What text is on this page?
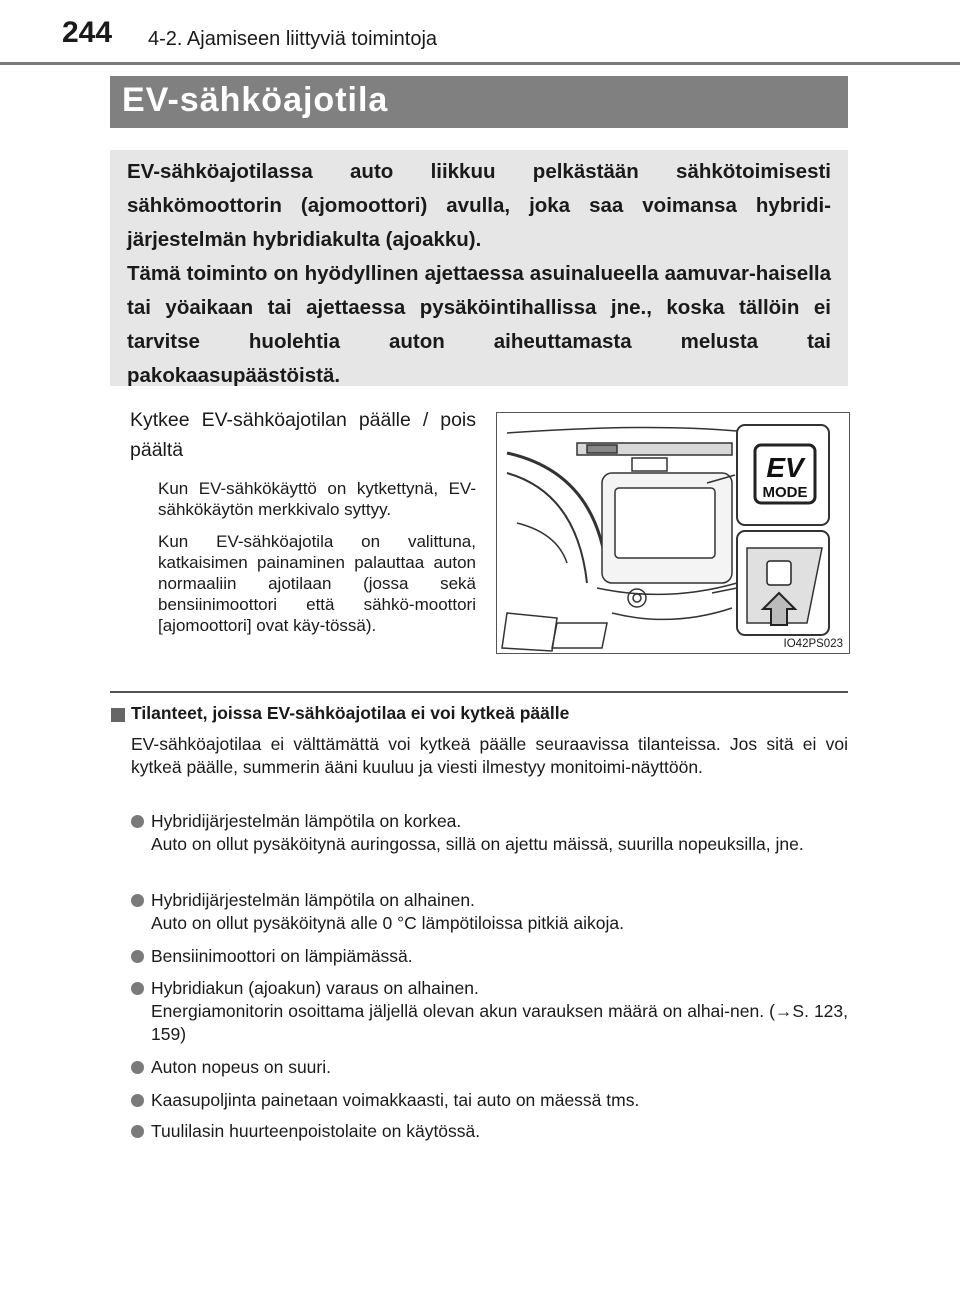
244 4-2. Ajamiseen liittyviä toimintoja
EV-sähköajotila
EV-sähköajotilassa auto liikkuu pelkästään sähkötoimisesti sähkömoottorin (ajomoottori) avulla, joka saa voimansa hybridi-järjestelmän hybridiakulta (ajoakku).
Tämä toiminto on hyödyllinen ajettaessa asuinalueella aamuvar-haisella tai yöaikaan tai ajettaessa pysäköintihallissa jne., koska tällöin ei tarvitse huolehtia auton aiheuttamasta melusta tai pakokaasupäästöistä.
Kytkee EV-sähköajotilan päälle / pois päältä
Kun EV-sähkökäyttö on kytkettynä, EV-sähkökäytön merkkivalo syttyy.
Kun EV-sähköajotila on valittuna, katkaisimen painaminen palauttaa auton normaaliin ajotilaan (jossa sekä bensiinimoottori että sähkö-moottori [ajomoottori] ovat käy-tössä).
EV
MODE
IO42PS023
Tilanteet, joissa EV-sähköajotilaa ei voi kytkeä päälle
EV-sähköajotilaa ei välttämättä voi kytkeä päälle seuraavissa tilanteissa. Jos sitä ei voi kytkeä päälle, summerin ääni kuuluu ja viesti ilmestyy monitoimi-näyttöön.
Hybridijärjestelmän lämpötila on korkea.
Auto on ollut pysäköitynä auringossa, sillä on ajettu mäissä, suurilla nopeuksilla, jne.
Hybridijärjestelmän lämpötila on alhainen.
Auto on ollut pysäköitynä alle 0 °C lämpötiloissa pitkiä aikoja.
Bensiinimoottori on lämpiämässä.
Hybridiakun (ajoakun) varaus on alhainen.
Energiamonitorin osoittama jäljellä olevan akun varauksen määrä on alhai-nen. (→S. 123, 159)
Auton nopeus on suuri.
Kaasupoljinta painetaan voimakkaasti, tai auto on mäessä tms.
Tuulilasin huurteenpoistolaite on käytössä.
